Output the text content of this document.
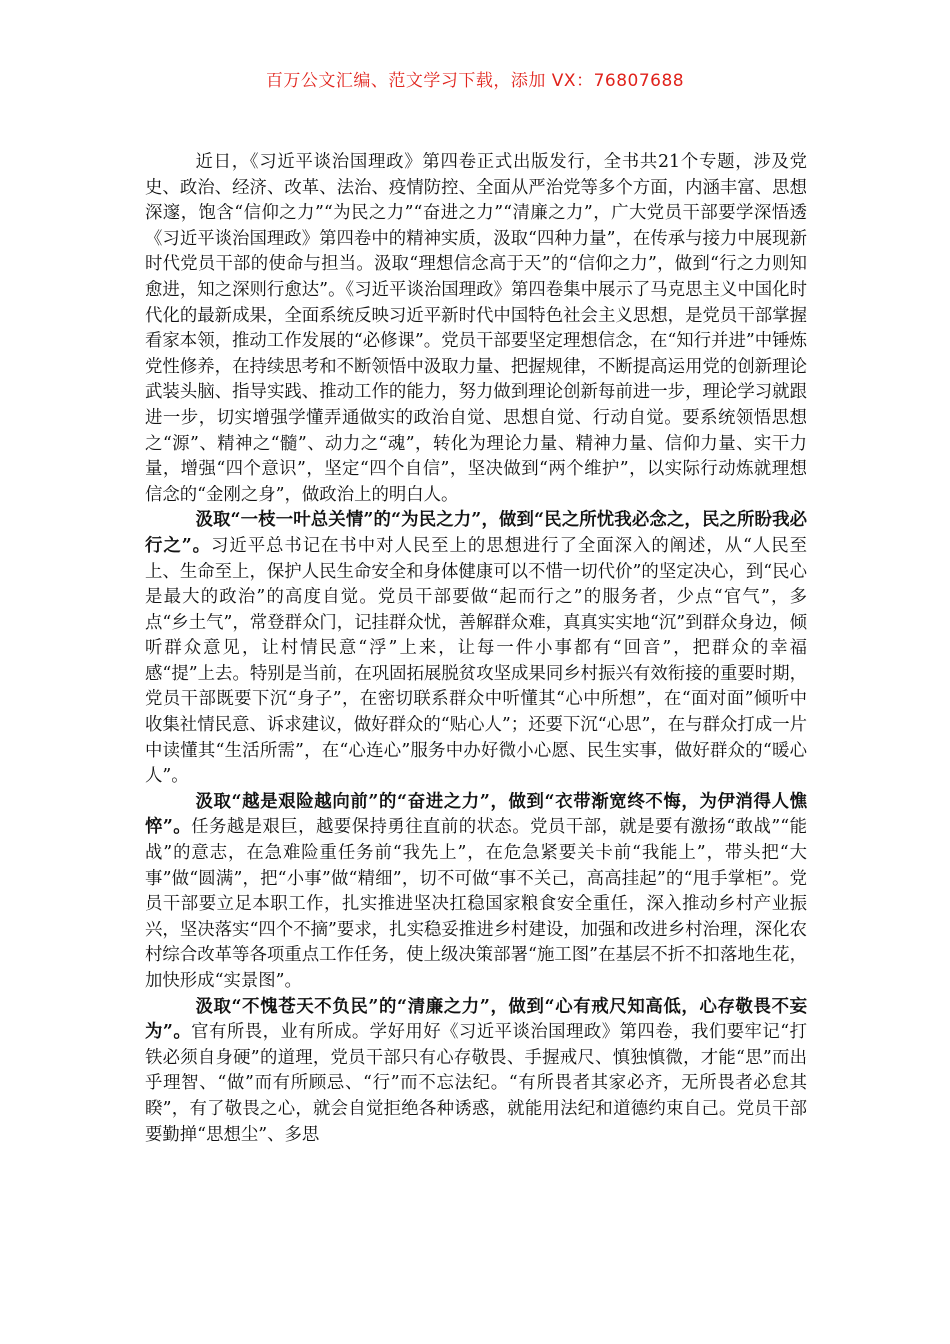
百万公文汇编、范文学习下载，添加 VX：76807688

近日，《习近平谈治国理政》第四卷正式出版发行，全书共21个专题，涉及党史、政治、经济、改革、法治、疫情防控、全面从严治党等多个方面，内涵丰富、思想深邃，饱含“信仰之力”“为民之力”“奋进之力”“清廉之力”，广大党员干部要学深悟透《习近平谈治国理政》第四卷中的精神实质，汲取“四种力量”，在传承与接力中展现新时代党员干部的使命与担当。汲取“理想信念高于天”的“信仰之力”，做到“行之力则知愈进，知之深则行愈达”。《习近平谈治国理政》第四卷集中展示了马克思主义中国化时代化的最新成果，全面系统反映习近平新时代中国特色社会主义思想，是党员干部掌握看家本领，推动工作发展的“必修课”。党员干部要坚定理想信念，在“知行并进”中锤炼党性修养，在持续思考和不断领悟中汲取力量、把握规律，不断提高运用党的创新理论武装头脑、指导实践、推动工作的能力，努力做到理论创新每前进一步，理论学习就跟进一步，切实增强学懂弄通做实的政治自觉、思想自觉、行动自觉。要系统领悟思想之“源”、精神之“髓”、动力之“魂”，转化为理论力量、精神力量、信仰力量、实干力量，增强“四个意识”，坚定“四个自信”，坚决做到“两个维护”，以实际行动炼就理想信念的“金刚之身”，做政治上的明白人。

汲取“一枝一叶总关情”的“为民之力”，做到“民之所忧我必念之，民之所盼我必行之”。习近平总书记在书中对人民至上的思想进行了全面深入的阐述，从“人民至上、生命至上，保护人民生命安全和身体健康可以不惜一切代价”的坚定决心，到“民心是最大的政治”的高度自觉。党员干部要做“起而行之”的服务者，少点“官气”，多点“乡土气”，常登群众门，记挂群众忧，善解群众难，真真实实地“沉”到群众身边，倾听群众意见，让村情民意“浮”上来，让每一件小事都有“回音”，把群众的幸福感“提”上去。特别是当前，在巩固拓展脱贫攻坚成果同乡村振兴有效衔接的重要时期，党员干部既要下沉“身子”，在密切联系群众中听懂其“心中所想”，在“面对面”倾听中收集社情民意、诉求建议，做好群众的“贴心人”；还要下沉“心思”，在与群众打成一片中读懂其“生活所需”，在“心连心”服务中办好微小心愿、民生实事，做好群众的“暖心人”。

汲取“越是艰险越向前”的“奋进之力”，做到“衣带渐宽终不悔，为伊消得人憔悴”。任务越是艰巨，越要保持勇往直前的状态。党员干部，就是要有激扬“敢战”“能战”的意志，在急难险重任务前“我先上”，在危急紧要关卡前“我能上”，带头把“大事”做“圆满”，把“小事”做“精细”，切不可做“事不关己，高高挂起”的“甩手掌柜”。党员干部要立足本职工作，扎实推进坚决扛稳国家粮食安全重任，深入推动乡村产业振兴，坚决落实“四个不摘”要求，扎实稳妥推进乡村建设，加强和改进乡村治理，深化农村综合改革等各项重点工作任务，使上级决策部署“施工图”在基层不折不扣落地生花，加快形成“实景图”。

汲取“不愧苍天不负民”的“清廉之力”，做到“心有戒尺知高低，心存敬畏不妄为”。官有所畏，业有所成。学好用好《习近平谈治国理政》第四卷，我们要牢记“打铁必须自身硬”的道理，党员干部只有心存敬畏、手握戒尺、慎独慎微，才能“思”而出乎理智、“做”而有所顾忌、“行”而不忘法纪。“有所畏者其家必齐，无所畏者必怠其睽”，有了敬畏之心，就会自觉拒绝各种诱惑，就能用法纪和道德约束自己。党员干部要勤掸“思想尘”、多思
